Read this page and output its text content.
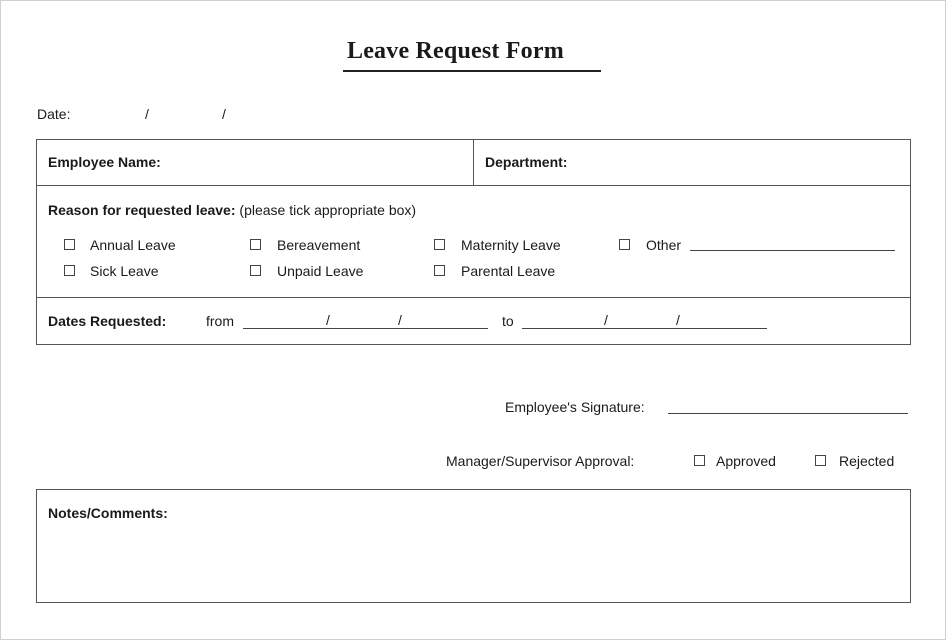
Leave Request Form
Date:	/	/
Employee Name:	Department:
Reason for requested leave: (please tick appropriate box)
Annual Leave	Bereavement	Maternity Leave	Other
Sick Leave	Unpaid Leave	Parental Leave
Dates Requested:	from	/	/	to	/	/
Employee's Signature:
Manager/Supervisor Approval:	Approved	Rejected
Notes/Comments:
